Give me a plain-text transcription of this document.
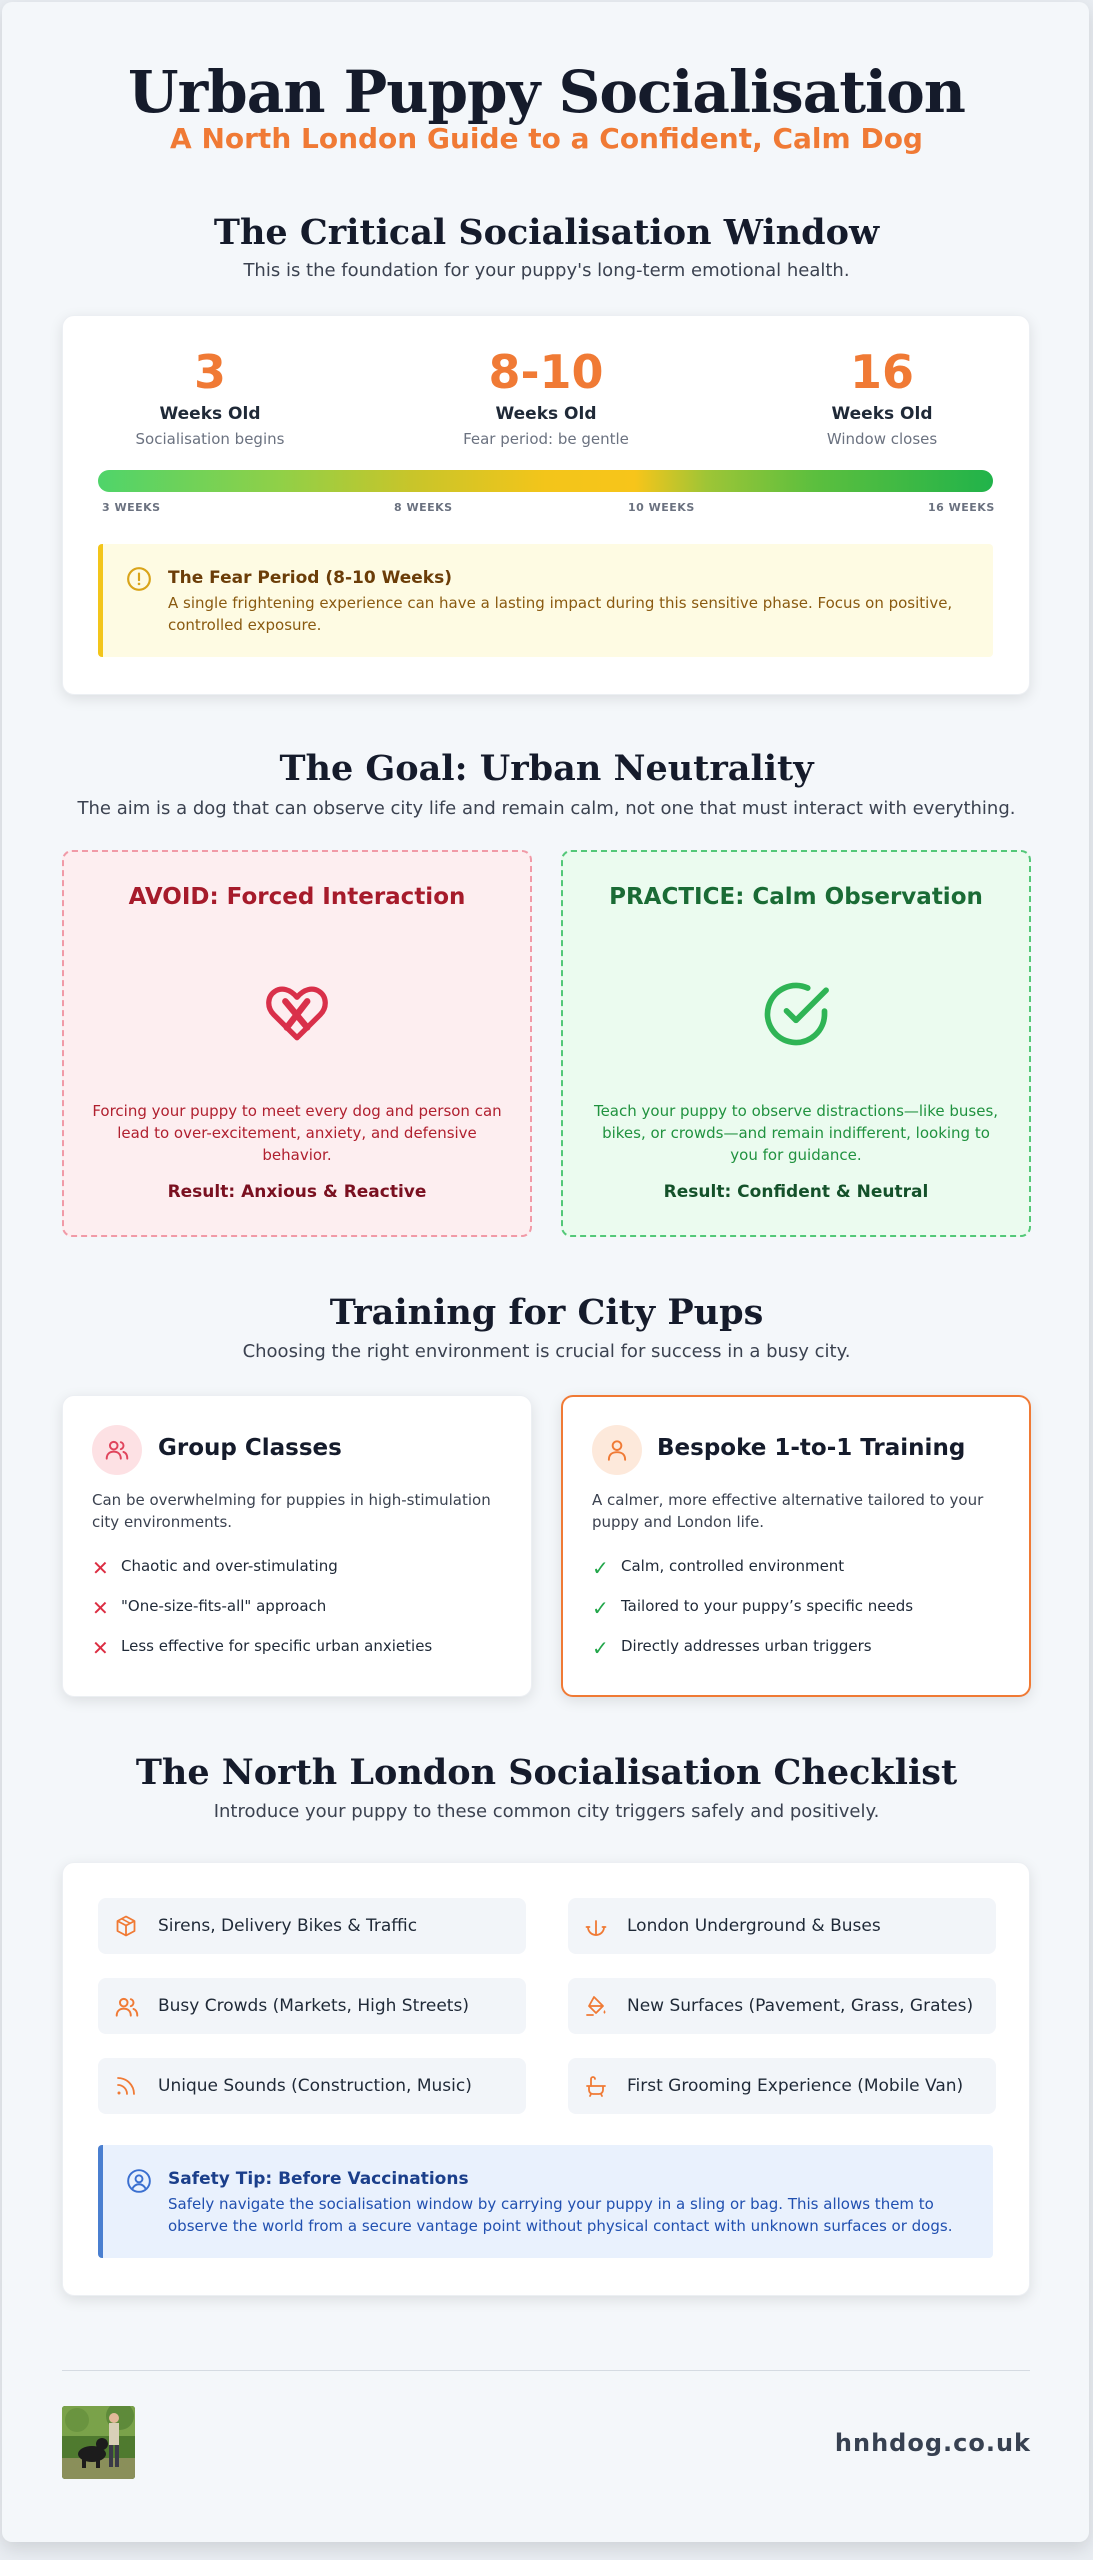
Urban Puppy Socialisation
A North London Guide to a Confident, Calm Dog
The Critical Socialisation Window
This is the foundation for your puppy's long-term emotional health.
3
Weeks Old
Socialisation begins
8-10
Weeks Old
Fear period: be gentle
16
Weeks Old
Window closes
3 WEEKS	8 WEEKS	10 WEEKS	16 WEEKS
The Fear Period (8-10 Weeks)
A single frightening experience can have a lasting impact during this sensitive phase. Focus on positive, controlled exposure.
The Goal: Urban Neutrality
The aim is a dog that can observe city life and remain calm, not one that must interact with everything.
AVOID: Forced Interaction
Forcing your puppy to meet every dog and person can lead to over-excitement, anxiety, and defensive behavior.
Result: Anxious & Reactive
PRACTICE: Calm Observation
Teach your puppy to observe distractions—like buses, bikes, or crowds—and remain indifferent, looking to you for guidance.
Result: Confident & Neutral
Training for City Pups
Choosing the right environment is crucial for success in a busy city.
Group Classes
Can be overwhelming for puppies in high-stimulation city environments.
✕ Chaotic and over-stimulating
✕ "One-size-fits-all" approach
✕ Less effective for specific urban anxieties
Bespoke 1-to-1 Training
A calmer, more effective alternative tailored to your puppy and London life.
✓ Calm, controlled environment
✓ Tailored to your puppy’s specific needs
✓ Directly addresses urban triggers
The North London Socialisation Checklist
Introduce your puppy to these common city triggers safely and positively.
Sirens, Delivery Bikes & Traffic	London Underground & Buses
Busy Crowds (Markets, High Streets)	New Surfaces (Pavement, Grass, Grates)
Unique Sounds (Construction, Music)	First Grooming Experience (Mobile Van)
Safety Tip: Before Vaccinations
Safely navigate the socialisation window by carrying your puppy in a sling or bag. This allows them to observe the world from a secure vantage point without physical contact with unknown surfaces or dogs.
hnhdog.co.uk
